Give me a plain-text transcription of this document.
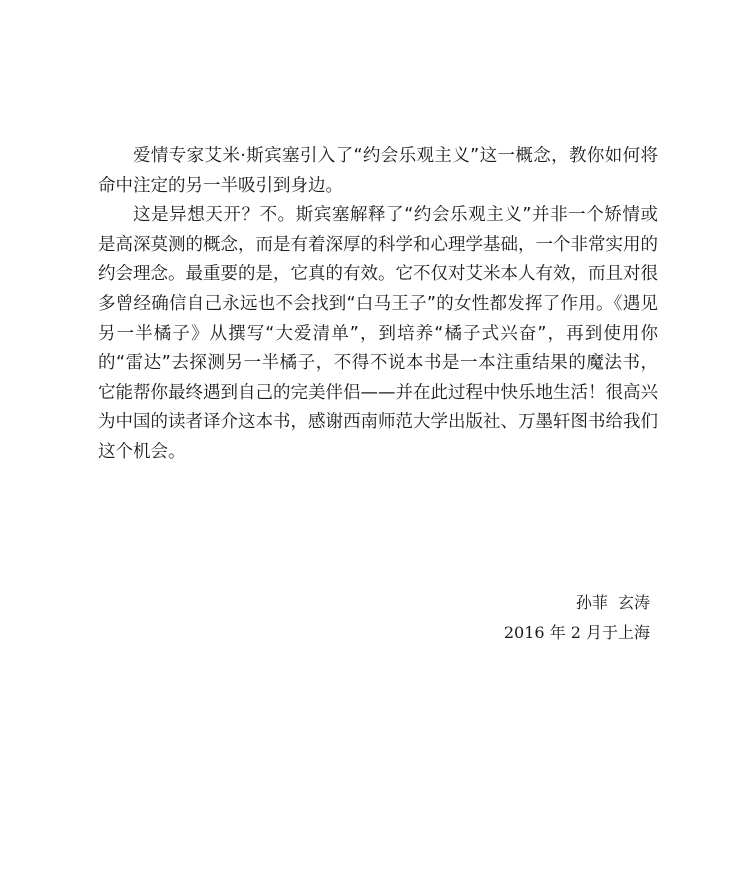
爱情专家艾米·斯宾塞引入了“约会乐观主义”这一概念，教你如何将命中注定的另一半吸引到身边。

这是异想天开？不。斯宾塞解释了“约会乐观主义”并非一个矫情或是高深莫测的概念，而是有着深厚的科学和心理学基础，一个非常实用的约会理念。最重要的是，它真的有效。它不仅对艾米本人有效，而且对很多曾经确信自己永远也不会找到“白马王子”的女性都发挥了作用。《遇见另一半橘子》从撰写“大爱清单”，到培养“橘子式兴奋”，再到使用你的“雷达”去探测另一半橘子，不得不说本书是一本注重结果的魔法书，它能帮你最终遇到自己的完美伴侣——并在此过程中快乐地生活！很高兴为中国的读者译介这本书，感谢西南师范大学出版社、万墨轩图书给我们这个机会。

孙菲  玄涛
2016 年 2 月于上海
